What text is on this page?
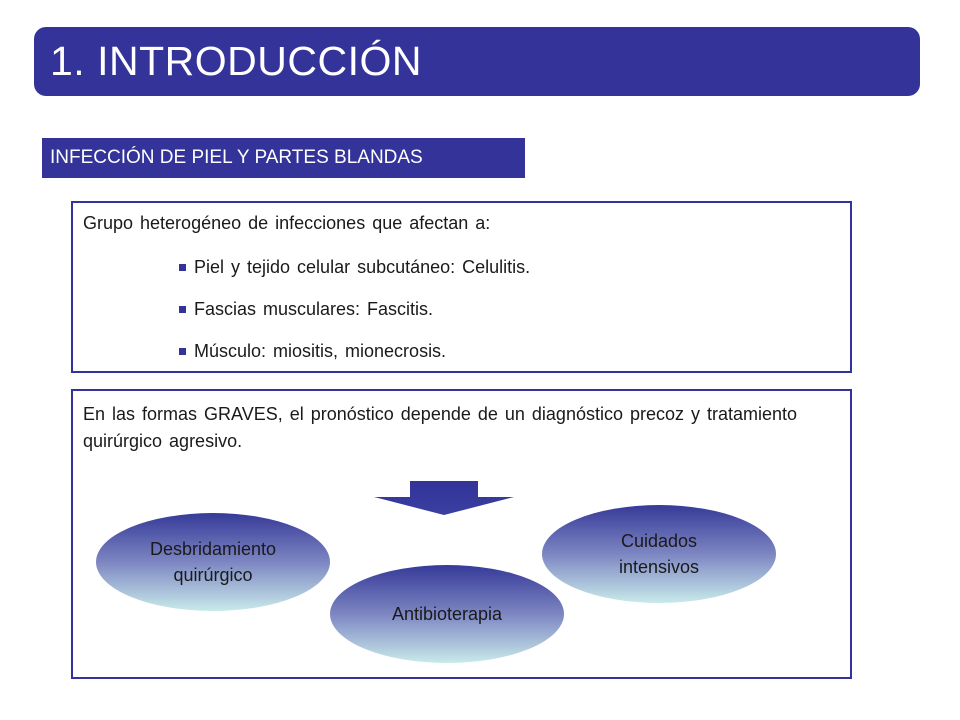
1. INTRODUCCIÓN
INFECCIÓN DE PIEL Y PARTES BLANDAS
Grupo heterogéneo de infecciones que afectan a:
Piel y tejido celular subcutáneo: Celulitis.
Fascias musculares: Fascitis.
Músculo: miositis, mionecrosis.
En las formas GRAVES, el pronóstico depende de un diagnóstico precoz y tratamiento quirúrgico agresivo.
Desbridamiento
quirúrgico
Antibioterapia
Cuidados
intensivos
